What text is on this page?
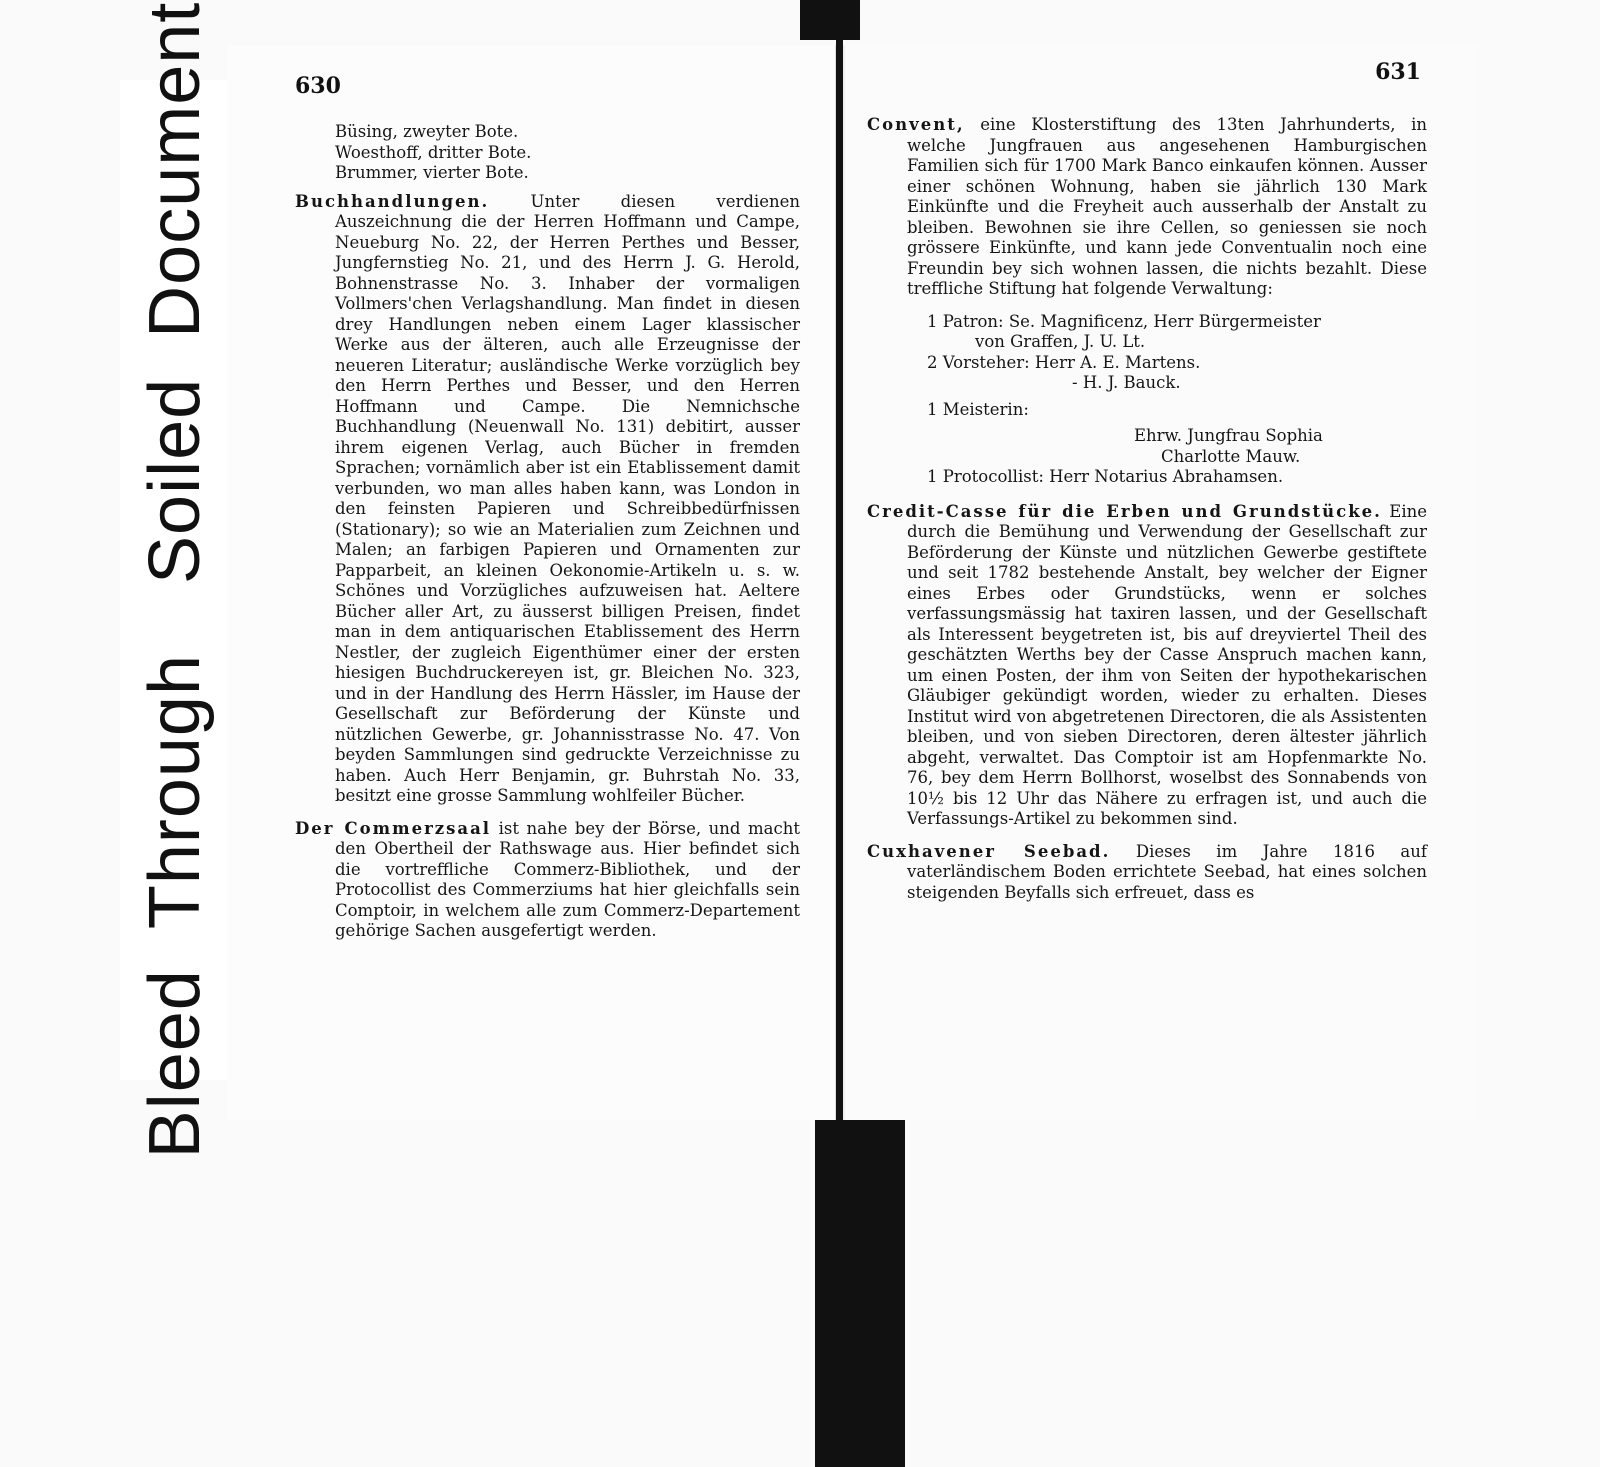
BleedThroughSoiledDocument	630

Büsing, zweyter Bote.

Woesthoff, dritter Bote.

Brummer, vierter Bote.

Buchhandlungen.	Unter diesen verdienen Auszeichnung die der Herren Hoffmann und Campe, Neueburg No. 22, der Herren Perthes und Besser, Jungfernstieg No. 21, und des Herrn J. G. Herold, Bohnenstrasse No. 3. Inhaber der vormaligen Vollmers'chen Verlagshandlung. Man findet in diesen drey Handlungen neben einem Lager klassischer Werke aus der älteren, auch alle Erzeugnisse der neueren Literatur; ausländische Werke vorzüglich bey den Herrn Perthes und Besser, und den Herren Hoffmann und Campe. Die Nemnichsche Buchhandlung (Neuenwall No. 131) debitirt, ausser ihrem eigenen Verlag, auch Bücher in fremden Sprachen; vornämlich aber ist ein Etablissement damit verbunden, wo man alles haben kann, was London in den feinsten Papieren und Schreibbedürfnissen (Stationary); so wie an Materialien zum Zeichnen und Malen; an farbigen Papieren und Ornamenten zur Papparbeit, an kleinen Oekonomie-Artikeln u. s. w. Schönes und Vorzügliches aufzuweisen hat. Aeltere Bücher aller Art, zu äusserst billigen Preisen, findet man in dem antiquarischen Etablissement des Herrn Nestler, der zugleich Eigenthümer einer der ersten hiesigen Buchdruckereyen ist, gr. Bleichen No. 323, und in der Handlung des Herrn Hässler, im Hause der Gesellschaft zur Beförderung der Künste und nützlichen Gewerbe, gr. Johannisstrasse No. 47. Von beyden Sammlungen sind gedruckte Verzeichnisse zu haben. Auch Herr Benjamin, gr. Buhrstah No. 33, besitzt eine grosse Sammlung wohlfeiler Bücher.

Der Commerzsaal ist nahe bey der Börse, und macht den Obertheil der Rathswage aus. Hier befindet sich die vortreffliche Commerz-Bibliothek, und der Protocollist des Commerziums hat hier gleichfalls sein Comptoir, in welchem alle zum Commerz-Departement gehörige Sachen ausgefertigt werden.

631

Convent, eine Klosterstiftung des 13ten Jahrhunderts, in welche Jungfrauen aus angesehenen Hamburgischen Familien sich für 1700 Mark Banco einkaufen können. Ausser einer schönen Wohnung, haben sie jährlich 130 Mark Einkünfte und die Freyheit auch ausserhalb der Anstalt zu bleiben. Bewohnen sie ihre Cellen, so geniessen sie noch grössere Einkünfte, und kann jede Conventualin noch eine Freundin bey sich wohnen lassen, die nichts bezahlt. Diese treffliche Stiftung hat folgende Verwaltung:

1 Patron: Se. Magnificenz, Herr Bürgermeister

von Graffen, J. U. Lt.

2 Vorsteher: Herr A. E. Martens.

- H. J. Bauck.

1 Meisterin:

Ehrw. Jungfrau Sophia

Charlotte Mauw.

1 Protocollist: Herr Notarius Abrahamsen.

Credit-Casse für die Erben und Grundstücke. Eine durch die Bemühung und Verwendung der Gesellschaft zur Beförderung der Künste und nützlichen Gewerbe gestiftete und seit 1782 bestehende Anstalt, bey welcher der Eigner eines Erbes oder Grundstücks, wenn er solches verfassungsmässig hat taxiren lassen, und der Gesellschaft als Interessent beygetreten ist, bis auf dreyviertel Theil des geschätzten Werths bey der Casse Anspruch machen kann, um einen Posten, der ihm von Seiten der hypothekarischen Gläubiger gekündigt worden, wieder zu erhalten. Dieses Institut wird von abgetretenen Directoren, die als Assistenten bleiben, und von sieben Directoren, deren ältester jährlich abgeht, verwaltet. Das Comptoir ist am Hopfenmarkte No. 76, bey dem Herrn Bollhorst, woselbst des Sonnabends von 10½ bis 12 Uhr das Nähere zu erfragen ist, und auch die Verfassungs-Artikel zu bekommen sind.

Cuxhavener Seebad. Dieses im Jahre 1816 auf vaterländischem Boden errichtete Seebad, hat eines solchen steigenden Beyfalls sich erfreuet, dass es
